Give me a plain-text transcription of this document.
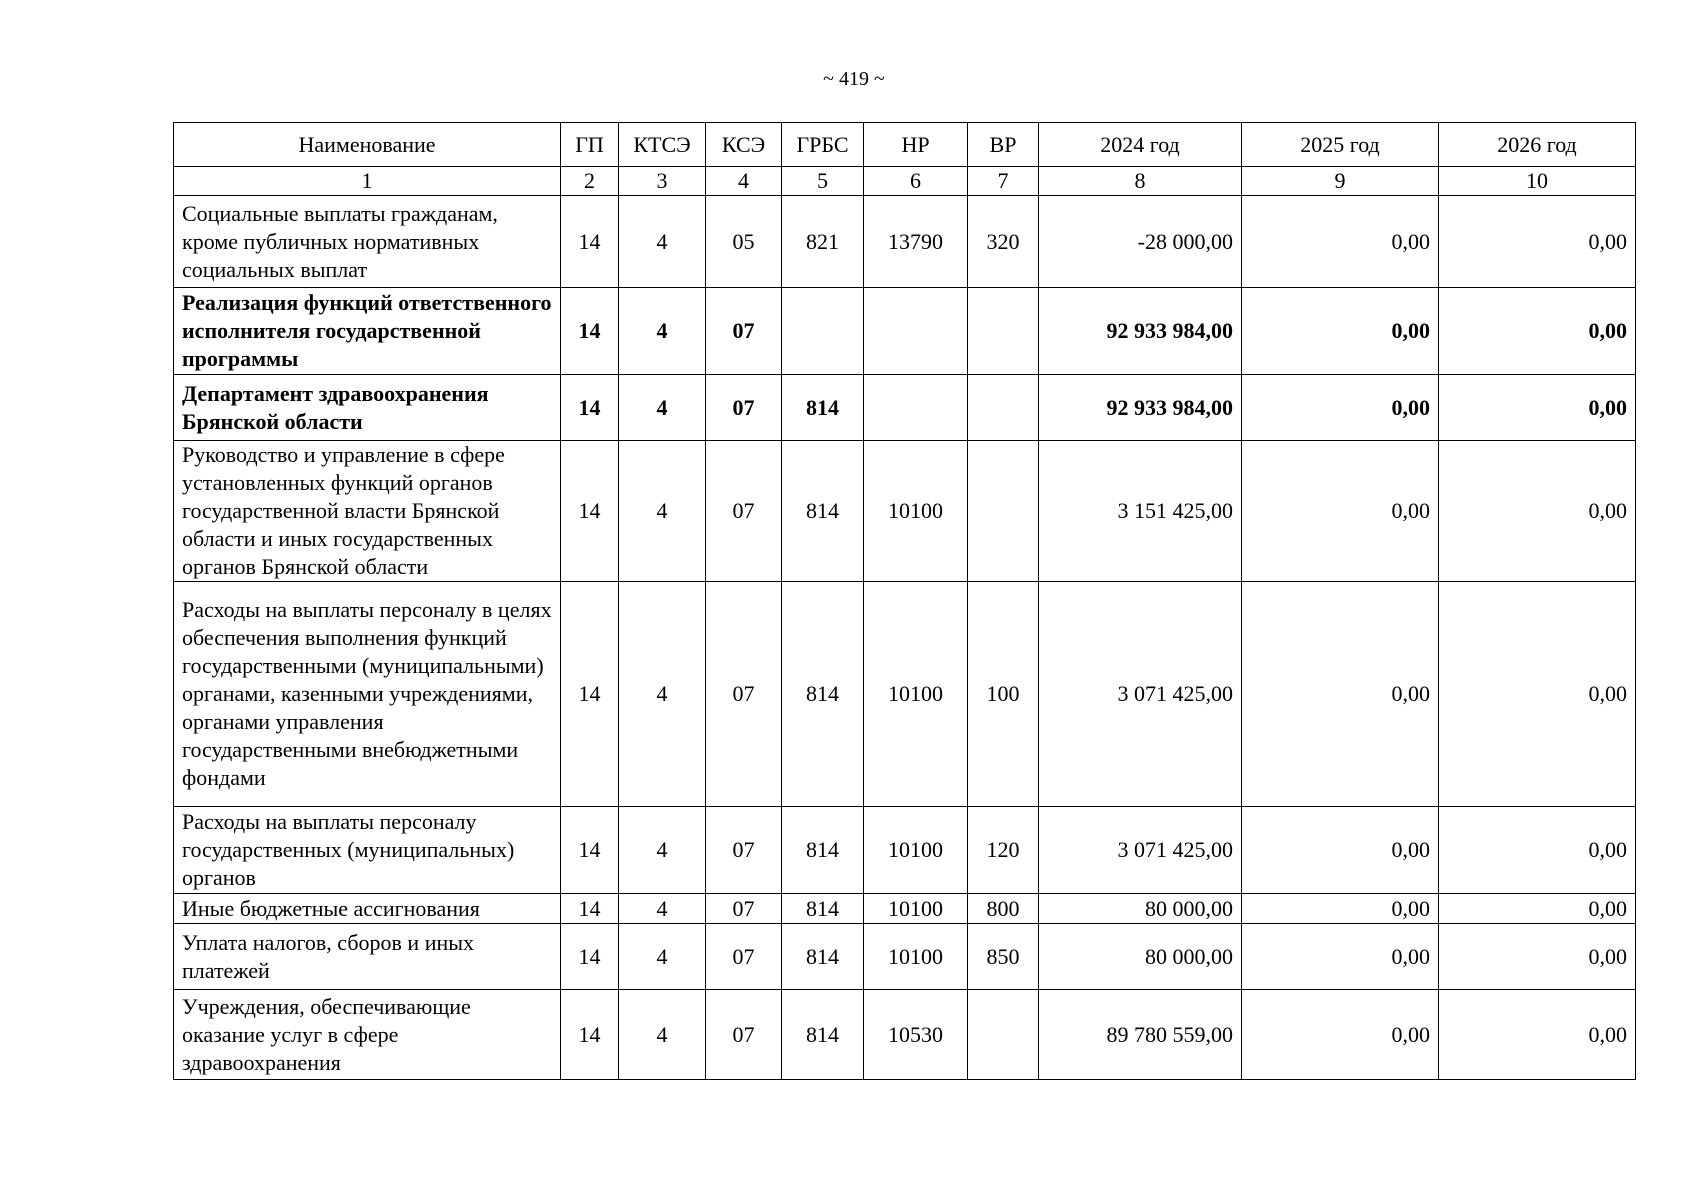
~ 419 ~
Наименование	ГП	КТСЭ	КСЭ	ГРБС	НР	ВР	2024 год	2025 год	2026 год
1	2	3	4	5	6	7	8	9	10
Социальные выплаты гражданам, кроме публичных нормативных социальных выплат	14	4	05	821	13790	320	-28 000,00	0,00	0,00
Реализация функций ответственного исполнителя государственной программы	14	4	07				92 933 984,00	0,00	0,00
Департамент здравоохранения Брянской области	14	4	07	814			92 933 984,00	0,00	0,00
Руководство и управление в сфере установленных функций органов государственной власти Брянской области и иных государственных органов Брянской области	14	4	07	814	10100		3 151 425,00	0,00	0,00
Расходы на выплаты персоналу в целях обеспечения выполнения функций государственными (муниципальными) органами, казенными учреждениями, органами управления государственными внебюджетными фондами	14	4	07	814	10100	100	3 071 425,00	0,00	0,00
Расходы на выплаты персоналу государственных (муниципальных) органов	14	4	07	814	10100	120	3 071 425,00	0,00	0,00
Иные бюджетные ассигнования	14	4	07	814	10100	800	80 000,00	0,00	0,00
Уплата налогов, сборов и иных платежей	14	4	07	814	10100	850	80 000,00	0,00	0,00
Учреждения, обеспечивающие оказание услуг в сфере здравоохранения	14	4	07	814	10530		89 780 559,00	0,00	0,00
